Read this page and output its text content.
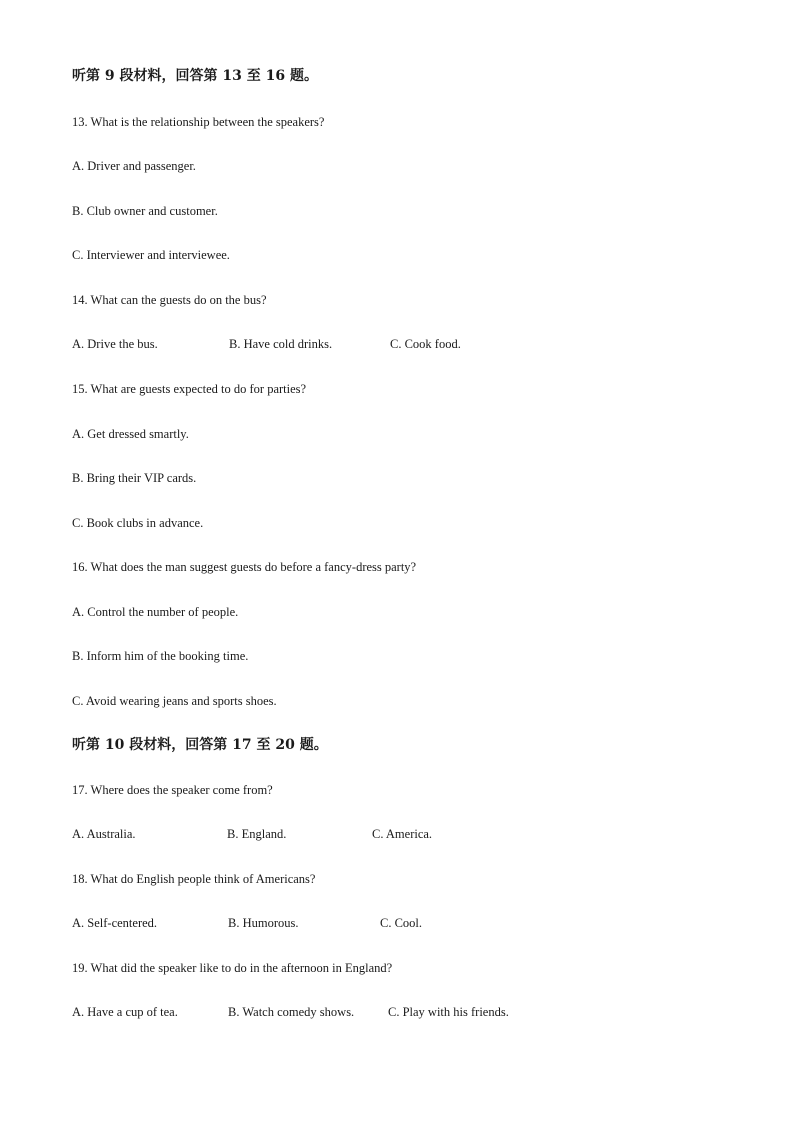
听第 9 段材料，回答第 13 至 16 题。
13. What is the relationship between the speakers?
A. Driver and passenger.
B. Club owner and customer.
C. Interviewer and interviewee.
14. What can the guests do on the bus?
A. Drive the bus.	B. Have cold drinks.	C. Cook food.
15. What are guests expected to do for parties?
A. Get dressed smartly.
B. Bring their VIP cards.
C. Book clubs in advance.
16. What does the man suggest guests do before a fancy-dress party?
A. Control the number of people.
B. Inform him of the booking time.
C. Avoid wearing jeans and sports shoes.
听第 10 段材料，回答第 17 至 20 题。
17. Where does the speaker come from?
A. Australia.	B. England.	C. America.
18. What do English people think of Americans?
A. Self-centered.	B. Humorous.	C. Cool.
19. What did the speaker like to do in the afternoon in England?
A. Have a cup of tea.	B. Watch comedy shows.	C. Play with his friends.
